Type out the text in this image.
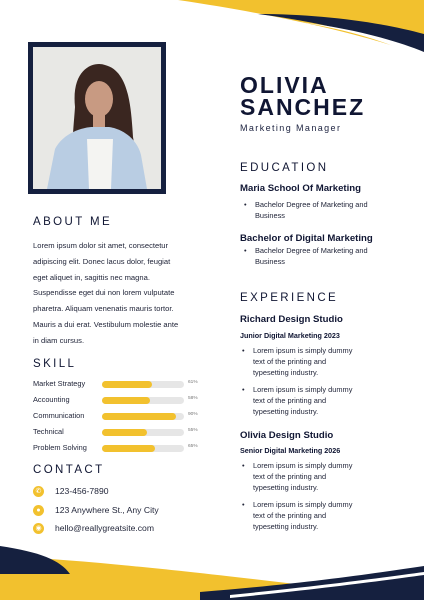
OLIVIA
SANCHEZ
Marketing Manager
ABOUT ME
Lorem ipsum dolor sit amet, consectetur
adipiscing elit. Donec lacus dolor, feugiat
eget aliquet in, sagittis nec magna.
Suspendisse eget dui non lorem vulputate
pharetra. Aliquam venenatis mauris tortor.
Mauris a dui erat. Vestibulum molestie ante
in diam cursus.
SKILL
Market Strategy	61%
Accounting	58%
Communication	90%
Technical	55%
Problem Solving	65%
CONTACT
✆ 123-456-7890
●	123 Anywhere St., Any City
◉ hello@reallygreatsite.com
EDUCATION
Maria School Of Marketing
• Bachelor Degree of Marketing and Business
Bachelor of Digital Marketing
• Bachelor Degree of Marketing and Business
EXPERIENCE
Richard Design Studio
Junior Digital Marketing 2023
• Lorem ipsum is simply dummy text of the printing and typesetting industry.
• Lorem ipsum is simply dummy text of the printing and typesetting industry.
Olivia Design Studio
Senior Digital Marketing 2026
• Lorem ipsum is simply dummy text of the printing and typesetting industry.
• Lorem ipsum is simply dummy text of the printing and typesetting industry.
